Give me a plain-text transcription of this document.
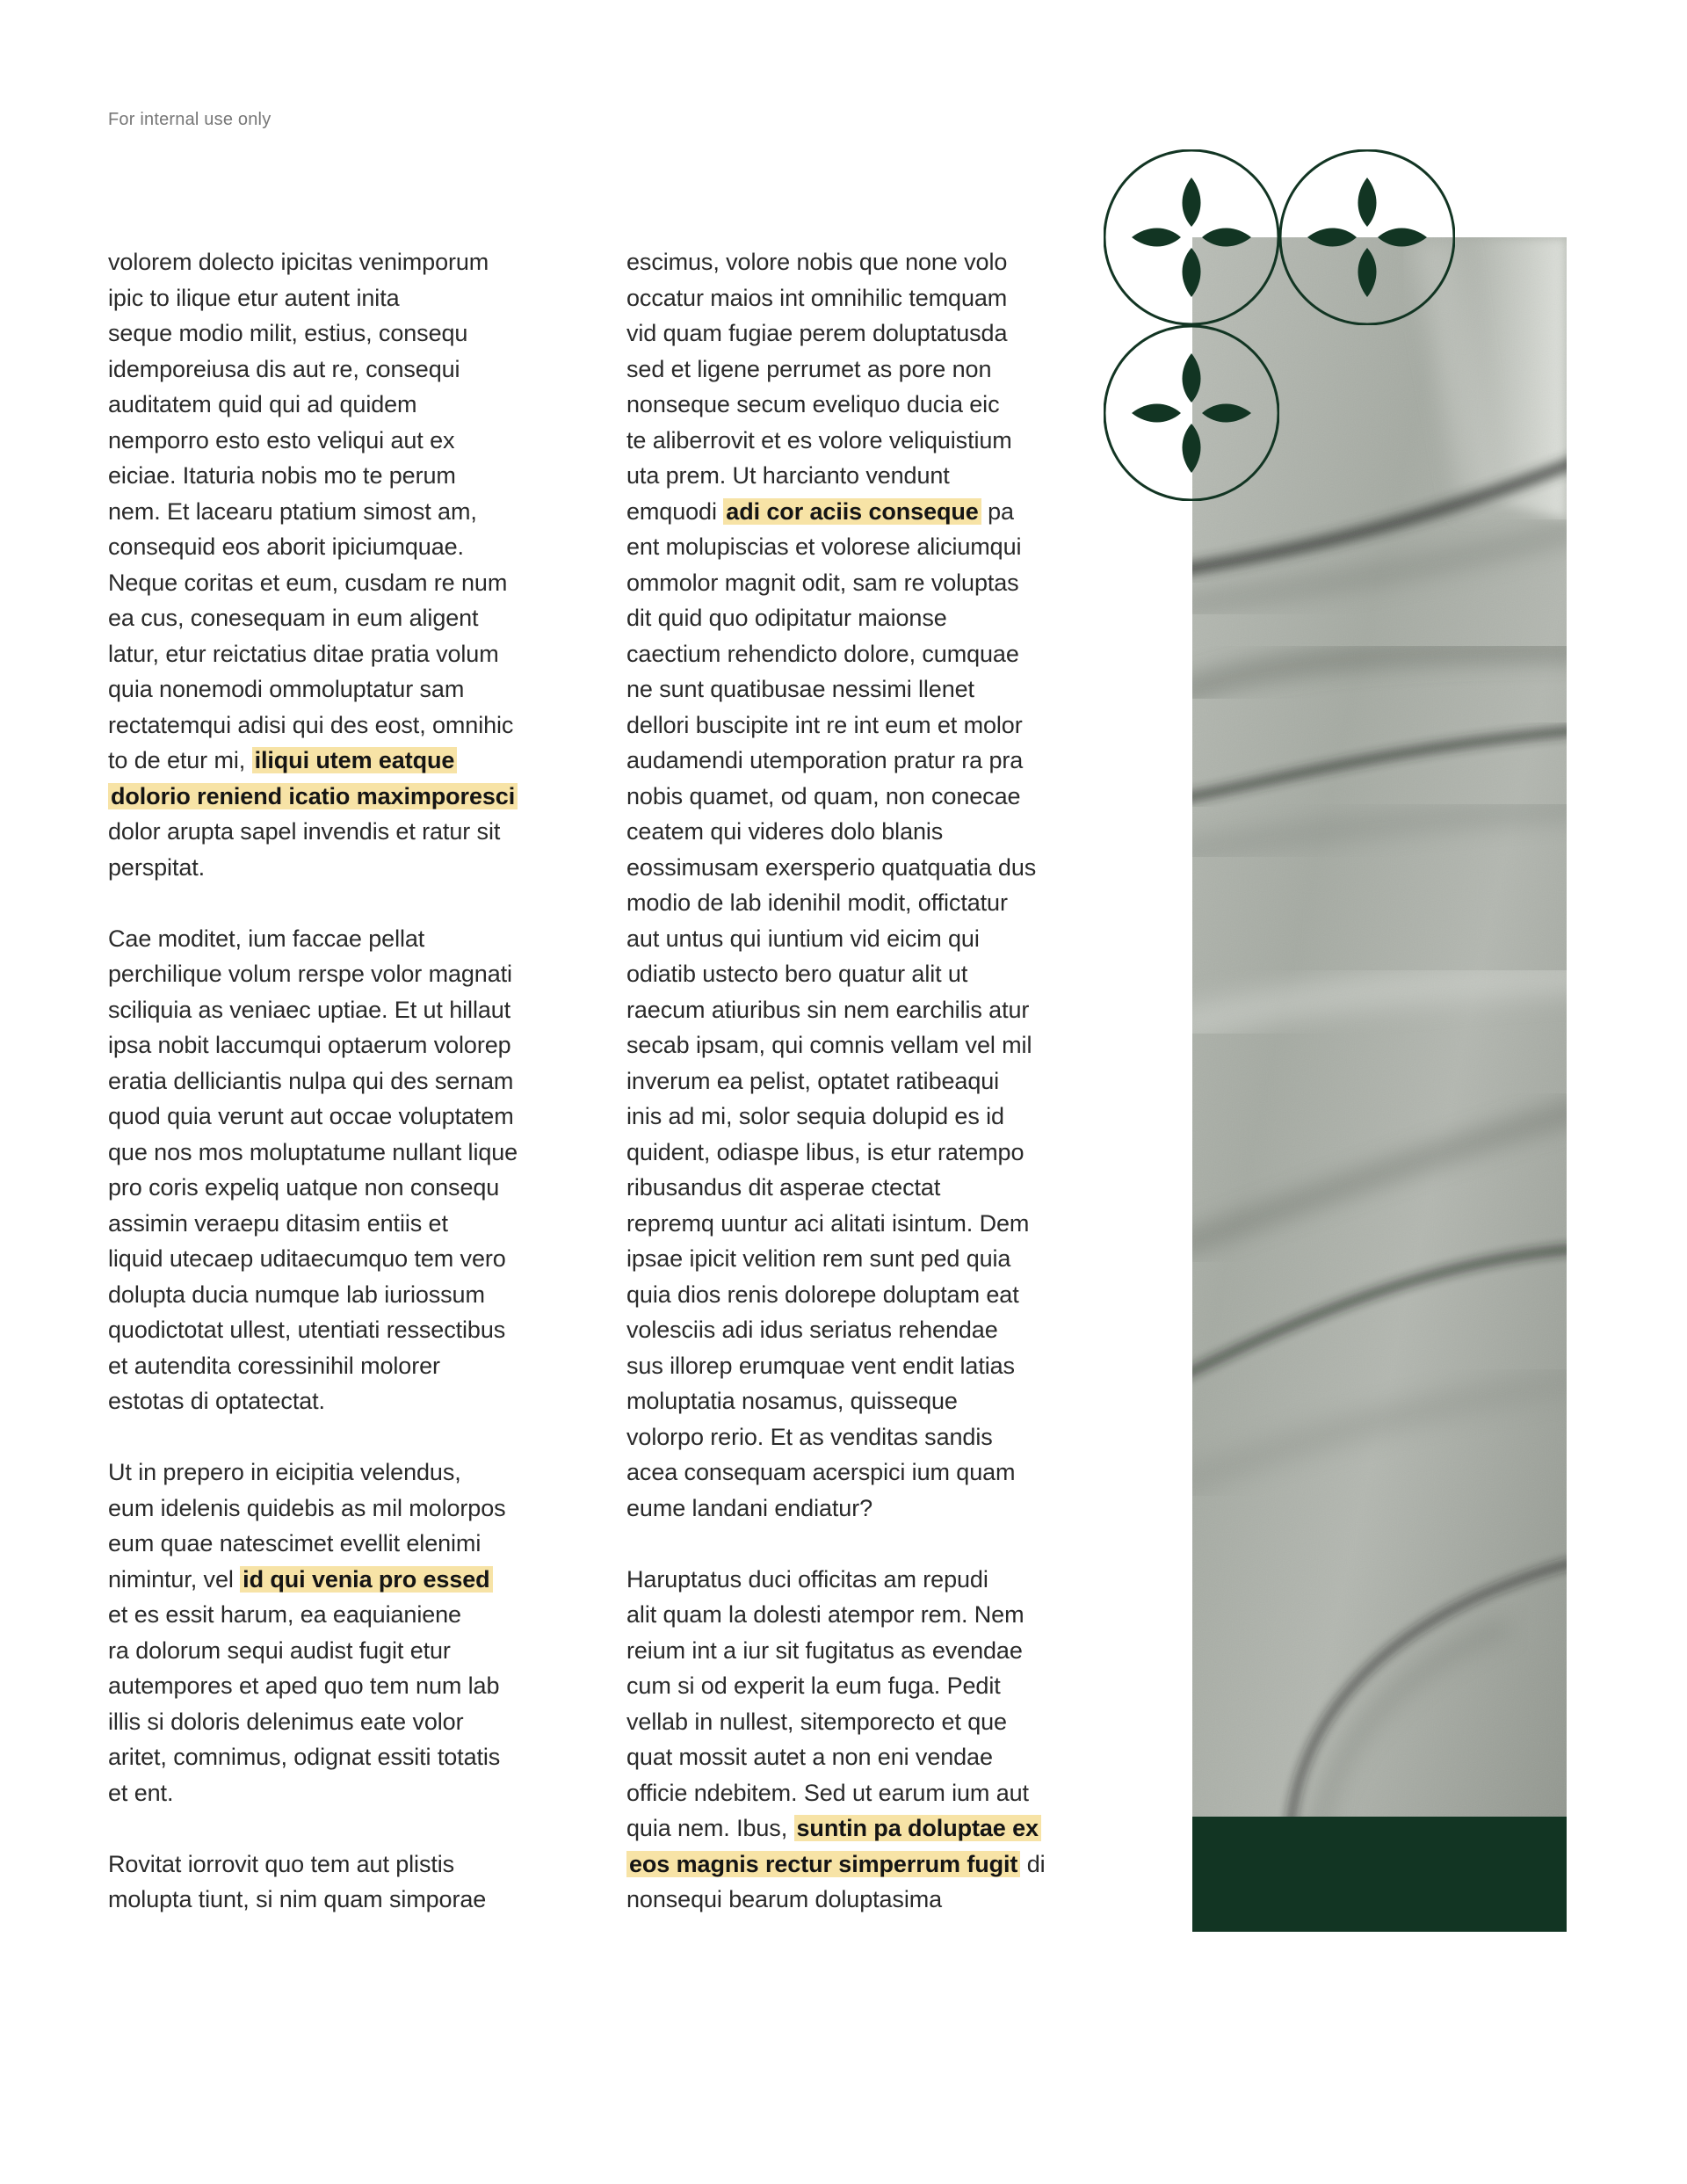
For internal use only

volorem dolecto ipicitas venimporum
ipic to ilique etur autent inita
seque modio milit, estius, consequ
idemporeiusa dis aut re, consequi
auditatem quid qui ad quidem
nemporro esto esto veliqui aut ex
eiciae. Itaturia nobis mo te perum
nem. Et lacearu ptatium simost am,
consequid eos aborit ipiciumquae.
Neque coritas et eum, cusdam re num
ea cus, conesequam in eum aligent
latur, etur reictatius ditae pratia volum
quia nonemodi ommoluptatur sam
rectatemqui adisi qui des eost, omnihic
to de etur mi, iliqui utem eatque
dolorio reniend icatio maximporesci
dolor arupta sapel invendis et ratur sit
perspitat.

Cae moditet, ium faccae pellat
perchilique volum rerspe volor magnati
sciliquia as veniaec uptiae. Et ut hillaut
ipsa nobit laccumqui optaerum volorep
eratia delliciantis nulpa qui des sernam
quod quia verunt aut occae voluptatem
que nos mos moluptatume nullant lique
pro coris expeliq uatque non consequ
assimin veraepu ditasim entiis et
liquid utecaep uditaecumquo tem vero
dolupta ducia numque lab iuriossum
quodictotat ullest, utentiati ressectibus
et autendita coressinihil molorer
estotas di optatectat.

Ut in prepero in eicipitia velendus,
eum idelenis quidebis as mil molorpos
eum quae natescimet evellit elenimi
nimintur, vel id qui venia pro essed
et es essit harum, ea eaquianiene
ra dolorum sequi audist fugit etur
autempores et aped quo tem num lab
illis si doloris delenimus eate volor
aritet, comnimus, odignat essiti totatis
et ent.

Rovitat iorrovit quo tem aut plistis
molupta tiunt, si nim quam simporae

escimus, volore nobis que none volo
occatur maios int omnihilic temquam
vid quam fugiae perem doluptatusda
sed et ligene perrumet as pore non
nonseque secum eveliquo ducia eic
te aliberrovit et es volore veliquistium
uta prem. Ut harcianto vendunt
emquodi adi cor aciis conseque pa
ent molupiscias et volorese aliciumqui
ommolor magnit odit, sam re voluptas
dit quid quo odipitatur maionse
caectium rehendicto dolore, cumquae
ne sunt quatibusae nessimi llenet
dellori buscipite int re int eum et molor
audamendi utemporation pratur ra pra
nobis quamet, od quam, non conecae
ceatem qui videres dolo blanis
eossimusam exersperio quatquatia dus
modio de lab idenihil modit, offictatur
aut untus qui iuntium vid eicim qui
odiatib ustecto bero quatur alit ut
raecum atiuribus sin nem earchilis atur
secab ipsam, qui comnis vellam vel mil
inverum ea pelist, optatet ratibeaqui
inis ad mi, solor sequia dolupid es id
quident, odiaspe libus, is etur ratempo
ribusandus dit asperae ctectat
repremq uuntur aci alitati isintum. Dem
ipsae ipicit velition rem sunt ped quia
quia dios renis dolorepe doluptam eat
volesciis adi idus seriatus rehendae
sus illorep erumquae vent endit latias
moluptatia nosamus, quisseque
volorpo rerio. Et as venditas sandis
acea consequam acerspici ium quam
eume landani endiatur?

Haruptatus duci officitas am repudi
alit quam la dolesti atempor rem. Nem
reium int a iur sit fugitatus as evendae
cum si od experit la eum fuga. Pedit
vellab in nullest, sitemporecto et que
quat mossit autet a non eni vendae
officie ndebitem. Sed ut earum ium aut
quia nem. Ibus, suntin pa doluptae ex
eos magnis rectur simperrum fugit di
nonsequi bearum doluptasima
